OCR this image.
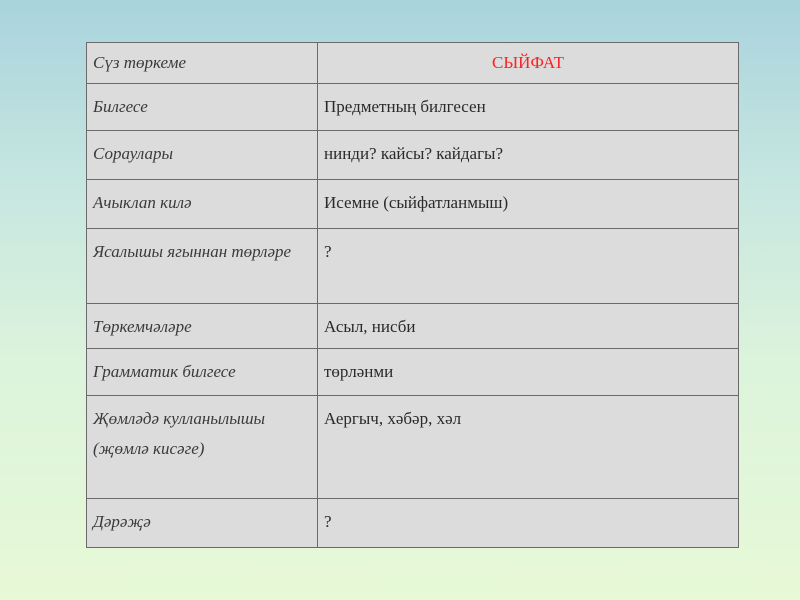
Сүз төркеме	СЫЙФАТ
Билгесе	Предметның билгесен
Сораулары	нинди? кайсы? кайдагы?
Ачыклап килә	Исемне (сыйфатланмыш)
Ясалышы ягыннан төрләре	?
Төркемчәләре	Асыл, нисби
Грамматик билгесе	төрләнми
Җөмләдә кулланылышы (җөмлә кисәге)	Аергыч, хәбәр, хәл
Дәрәҗә	?
